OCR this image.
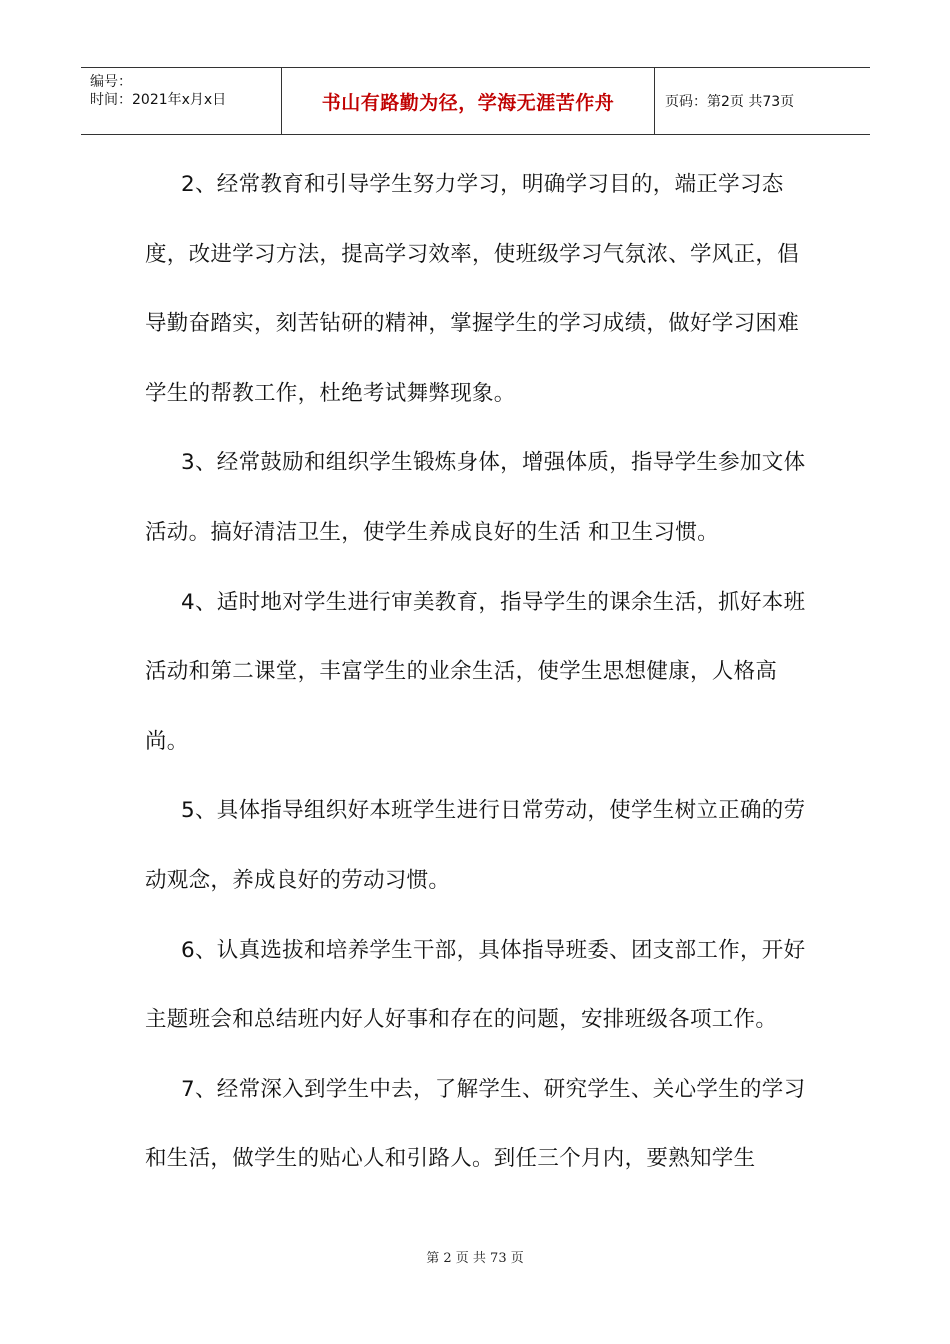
编号：
时间：2021年x月x日	书山有路勤为径，学海无涯苦作舟	页码：第2页 共73页

2、经常教育和引导学生努力学习，明确学习目的，端正学习态度，改进学习方法，提高学习效率，使班级学习气氛浓、学风正，倡导勤奋踏实，刻苦钻研的精神，掌握学生的学习成绩，做好学习困难学生的帮教工作，杜绝考试舞弊现象。

3、经常鼓励和组织学生锻炼身体，增强体质，指导学生参加文体活动。搞好清洁卫生，使学生养成良好的生活 和卫生习惯。

4、适时地对学生进行审美教育，指导学生的课余生活，抓好本班活动和第二课堂，丰富学生的业余生活，使学生思想健康，人格高尚。

5、具体指导组织好本班学生进行日常劳动，使学生树立正确的劳动观念，养成良好的劳动习惯。

6、认真选拔和培养学生干部，具体指导班委、团支部工作，开好主题班会和总结班内好人好事和存在的问题，安排班级各项工作。

7、经常深入到学生中去，了解学生、研究学生、关心学生的学习和生活，做学生的贴心人和引路人。到任三个月内，要熟知学生

第 2 页 共 73 页
